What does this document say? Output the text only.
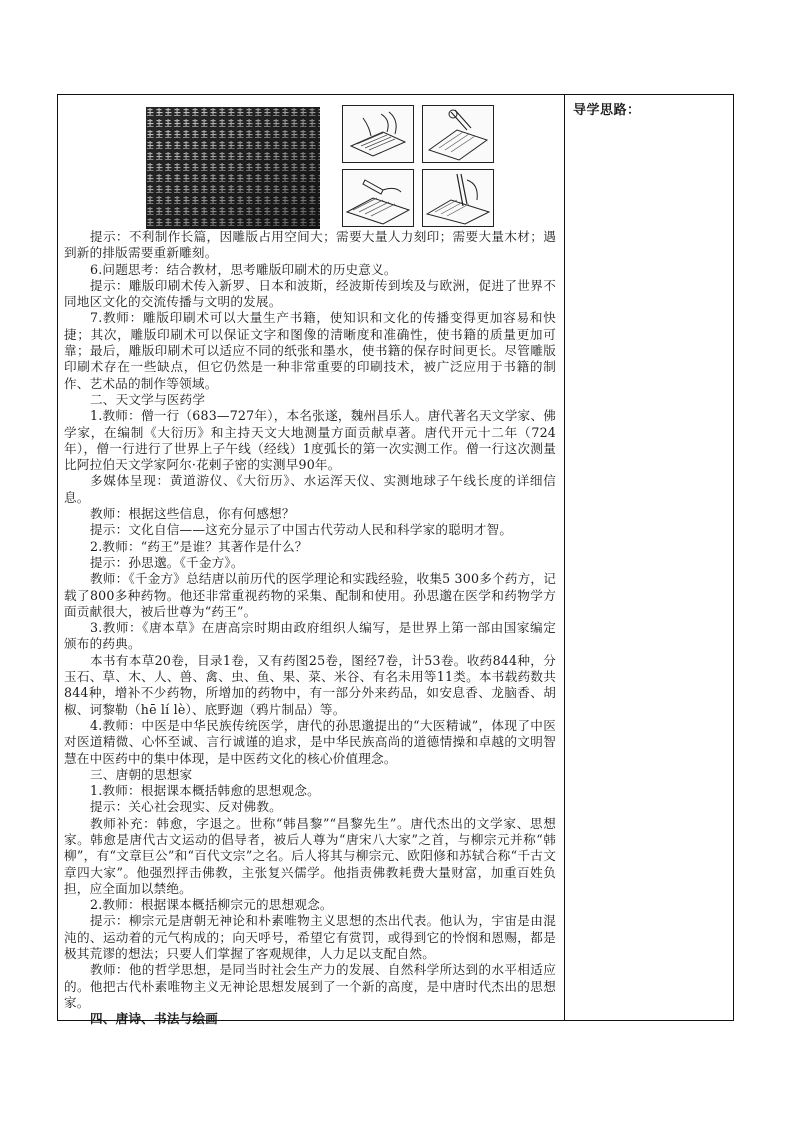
提示：不利制作长篇，因雕版占用空间大；需要大量人力刻印；需要大量木材；遇到新的排版需要重新雕刻。

6.问题思考：结合教材，思考雕版印刷术的历史意义。

提示：雕版印刷术传入新罗、日本和波斯，经波斯传到埃及与欧洲，促进了世界不同地区文化的交流传播与文明的发展。

7.教师：雕版印刷术可以大量生产书籍，使知识和文化的传播变得更加容易和快捷；其次，雕版印刷术可以保证文字和图像的清晰度和准确性，使书籍的质量更加可靠；最后，雕版印刷术可以适应不同的纸张和墨水，使书籍的保存时间更长。尽管雕版印刷术存在一些缺点，但它仍然是一种非常重要的印刷技术，被广泛应用于书籍的制作、艺术品的制作等领域。

二、天文学与医药学

1.教师：僧一行（683—727年），本名张遂，魏州昌乐人。唐代著名天文学家、佛学家，在编制《大衍历》和主持天文大地测量方面贡献卓著。唐代开元十二年（724年），僧一行进行了世界上子午线（经线）1度弧长的第一次实测工作。僧一行这次测量比阿拉伯天文学家阿尔·花剌子密的实测早90年。

多媒体呈现：黄道游仪、《大衍历》、水运浑天仪、实测地球子午线长度的详细信息。

教师：根据这些信息，你有何感想？

提示：文化自信——这充分显示了中国古代劳动人民和科学家的聪明才智。

2.教师：“药王”是谁？其著作是什么？

提示：孙思邈。《千金方》。

教师：《千金方》总结唐以前历代的医学理论和实践经验，收集5 300多个药方，记载了800多种药物。他还非常重视药物的采集、配制和使用。孙思邈在医学和药物学方面贡献很大，被后世尊为“药王”。

3.教师：《唐本草》在唐高宗时期由政府组织人编写，是世界上第一部由国家编定颁布的药典。

本书有本草20卷，目录1卷，又有药图25卷，图经7卷，计53卷。收药844种，分玉石、草、木、人、兽、禽、虫、鱼、果、菜、米谷、有名未用等11类。本书载药数共844种，增补不少药物，所增加的药物中，有一部分外来药品，如安息香、龙脑香、胡椒、诃黎勒（hē lí lè）、底野迦（鸦片制品）等。

4.教师：中医是中华民族传统医学，唐代的孙思邈提出的“大医精诚”，体现了中医对医道精微、心怀至诚、言行诚谨的追求，是中华民族高尚的道德情操和卓越的文明智慧在中医药中的集中体现，是中医药文化的核心价值理念。

三、唐朝的思想家

1.教师：根据课本概括韩愈的思想观念。

提示：关心社会现实、反对佛教。

教师补充：韩愈，字退之。世称“韩昌黎”“昌黎先生”。唐代杰出的文学家、思想家。韩愈是唐代古文运动的倡导者，被后人尊为“唐宋八大家”之首，与柳宗元并称“韩柳”，有“文章巨公”和“百代文宗”之名。后人将其与柳宗元、欧阳修和苏轼合称“千古文章四大家”。他强烈抨击佛教，主张复兴儒学。他指责佛教耗费大量财富，加重百姓负担，应全面加以禁绝。

2.教师：根据课本概括柳宗元的思想观念。

提示：柳宗元是唐朝无神论和朴素唯物主义思想的杰出代表。他认为，宇宙是由混沌的、运动着的元气构成的；向天呼号，希望它有赏罚，或得到它的怜悯和恩赐，都是极其荒谬的想法；只要人们掌握了客观规律，人力足以支配自然。

教师：他的哲学思想，是同当时社会生产力的发展、自然科学所达到的水平相适应的。他把古代朴素唯物主义无神论思想发展到了一个新的高度，是中唐时代杰出的思想家。

四、唐诗、书法与绘画

导学思路：
